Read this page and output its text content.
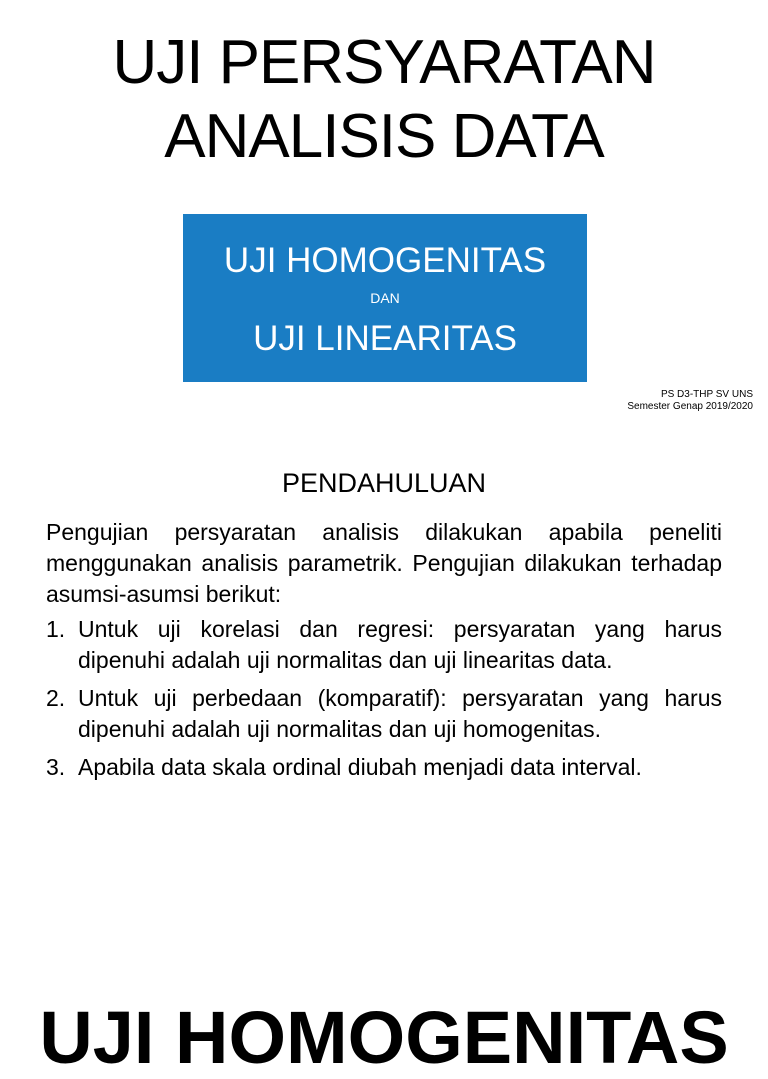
UJI PERSYARATAN
ANALISIS DATA
UJI HOMOGENITAS
DAN
UJI LINEARITAS
PS D3-THP SV UNS
Semester Genap 2019/2020
PENDAHULUAN

Pengujian persyaratan analisis dilakukan apabila peneliti menggunakan analisis parametrik. Pengujian dilakukan terhadap asumsi-asumsi berikut:

1. Untuk uji korelasi dan regresi: persyaratan yang harus dipenuhi adalah uji normalitas dan uji linearitas data.
2. Untuk uji perbedaan (komparatif): persyaratan yang harus dipenuhi adalah uji normalitas dan uji homogenitas.
3. Apabila data skala ordinal diubah menjadi data interval.
UJI HOMOGENITAS
